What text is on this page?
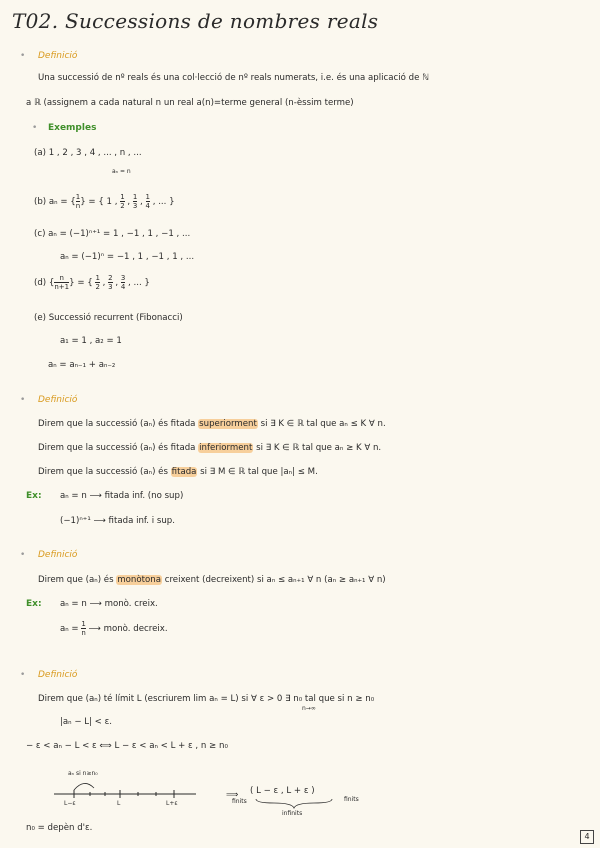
T02. Successions de nombres reals
• Definició
Una successió de nº reals és una col·lecció de nº reals numerats, i.e. és una aplicació de ℕ
a ℝ (assignem a cada natural n un real a(n)=terme general (n-èssim terme)
• Exemples
(a) 1 , 2 , 3 , 4 , ... , n , ...
aₙ = n
(b) aₙ = { $\frac{1}{n}$ } = { 1 , $\frac{1}{2}$ , $\frac{1}{3}$ , $\frac{1}{4}$ , ... }
(c) aₙ = (−1)ⁿ⁺¹ = 1 , −1 , 1 , −1 , ...
aₙ = (−1)ⁿ = −1 , 1 , −1 , 1 , ...
(d) { $\frac{n}{n+1}$ } = { $\frac{1}{2}$ , $\frac{2}{3}$ , $\frac{3}{4}$ , ... }
(e) Successió recurrent (Fibonacci)
a₁ = 1 , a₂ = 1
aₙ = aₙ₋₁ + aₙ₋₂
• Definició
Direm que la successió (aₙ) és fitada superiorment si ∃ K ∈ ℝ tal que aₙ ≤ K ∀ n.
Direm que la successió (aₙ) és fitada inferiorment si ∃ K ∈ ℝ tal que aₙ ≥ K ∀ n.
Direm que la successió (aₙ) és fitada si ∃ M ∈ ℝ tal que |aₙ| ≤ M.
Ex: aₙ = n ⟶ fitada inf. (no sup)
(−1)ⁿ⁺¹ ⟶ fitada inf. i sup.
• Definició
Direm que (aₙ) és monòtona creixent (decreixent) si aₙ ≤ aₙ₊₁ ∀ n (aₙ ≥ aₙ₊₁ ∀ n)
Ex: aₙ = n ⟶ monò. creix.
$a_n = \frac{1}{n}$ ⟶ monò. decreix.
• Definició
Direm que (aₙ) té límit L (escriurem lim aₙ = L) si ∀ ε > 0 ∃ n₀ tal que si n ≥ n₀
n→∞
|aₙ − L| < ε.
− ε < aₙ − L < ε ⟺ L − ε < aₙ < L + ε , n ≥ n₀
aₙ si n≥n₀
L−ε	L	L+ε
⟹
finits
( L − ε , L + ε )
infinits
finits
n₀ = depèn d'ε.
4
